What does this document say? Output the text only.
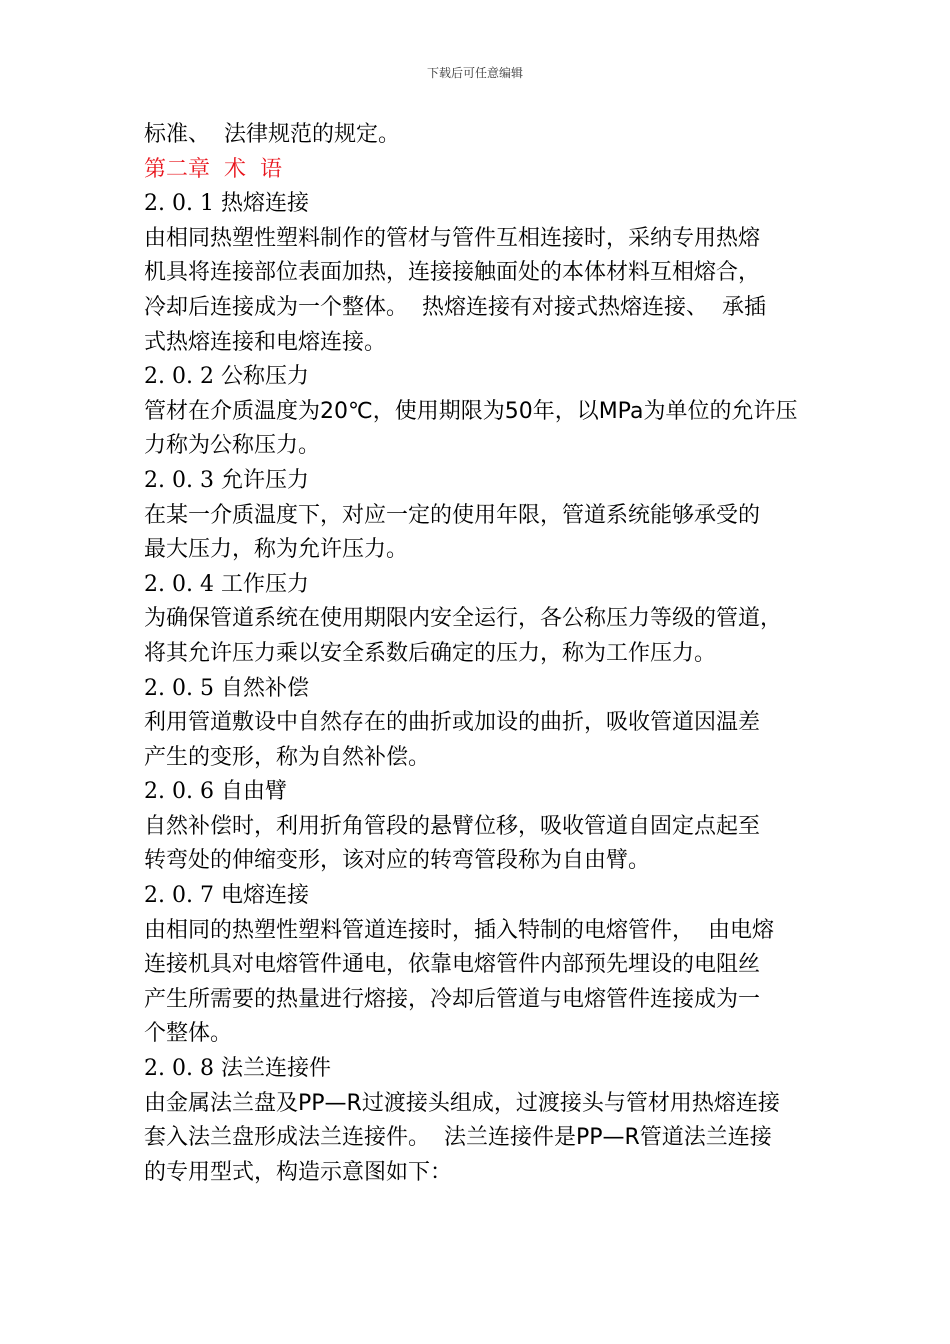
下载后可任意编辑
标准、  法律规范的规定。
第二章  术  语
2. 0. 1 热熔连接
由相同热塑性塑料制作的管材与管件互相连接时，采纳专用热熔
机具将连接部位表面加热，连接接触面处的本体材料互相熔合，
冷却后连接成为一个整体。  热熔连接有对接式热熔连接、  承插
式热熔连接和电熔连接。
2. 0. 2 公称压力
管材在介质温度为20℃，使用期限为50年，以MPa为单位的允许压
力称为公称压力。
2. 0. 3 允许压力
在某一介质温度下，对应一定的使用年限，管道系统能够承受的
最大压力，称为允许压力。
2. 0. 4 工作压力
为确保管道系统在使用期限内安全运行，各公称压力等级的管道，
将其允许压力乘以安全系数后确定的压力，称为工作压力。
2. 0. 5 自然补偿
利用管道敷设中自然存在的曲折或加设的曲折，吸收管道因温差
产生的变形，称为自然补偿。
2. 0. 6 自由臂
自然补偿时，利用折角管段的悬臂位移，吸收管道自固定点起至
转弯处的伸缩变形，该对应的转弯管段称为自由臂。
2. 0. 7 电熔连接
由相同的热塑性塑料管道连接时，插入特制的电熔管件，  由电熔
连接机具对电熔管件通电，依靠电熔管件内部预先埋设的电阻丝
产生所需要的热量进行熔接，冷却后管道与电熔管件连接成为一
个整体。
2. 0. 8 法兰连接件
由金属法兰盘及PP—R过渡接头组成，过渡接头与管材用热熔连接
套入法兰盘形成法兰连接件。  法兰连接件是PP—R管道法兰连接
的专用型式，构造示意图如下：
